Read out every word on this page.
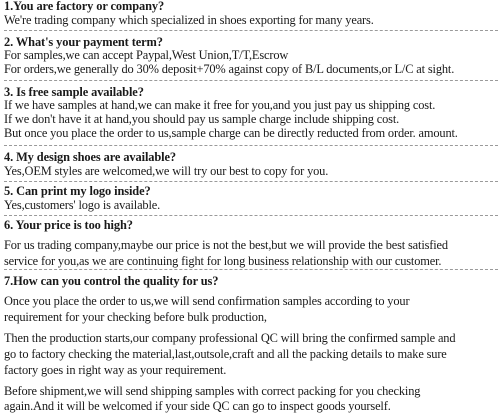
1.You are factory or company?
We're trading company which specialized in shoes exporting for many years.
2. What's your payment term?
For samples,we can accept Paypal,West Union,T/T,Escrow
For orders,we generally do 30% deposit+70% against copy of B/L documents,or L/C at sight.
3. Is free sample available?
If we have samples at hand,we can make it free for you,and you just pay us shipping cost.
If we don't have it at hand,you should pay us sample charge include shipping cost.
But once you place the order to us,sample charge can be directly reducted from order. amount.
4. My design shoes are available?
Yes,OEM styles are welcomed,we will try our best to copy for you.
5. Can print my logo inside?
Yes,customers' logo is available.
6. Your price is too high?
For us trading company,maybe our price is not the best,but we will provide the best satisfied
service for you,as we are continuing fight for long business relationship with our customer.
7.How can you control the quality for us?
Once you place the order to us,we will send confirmation samples according to your
requirement for your checking before bulk production,
Then the production starts,our company professional QC will bring the confirmed sample and
go to factory checking the material,last,outsole,craft and all the packing details to make sure
factory goes in right way as your requirement.
Before shipment,we will send shipping samples with correct packing for you checking
again.And it will be welcomed if your side QC can go to inspect goods yourself.
